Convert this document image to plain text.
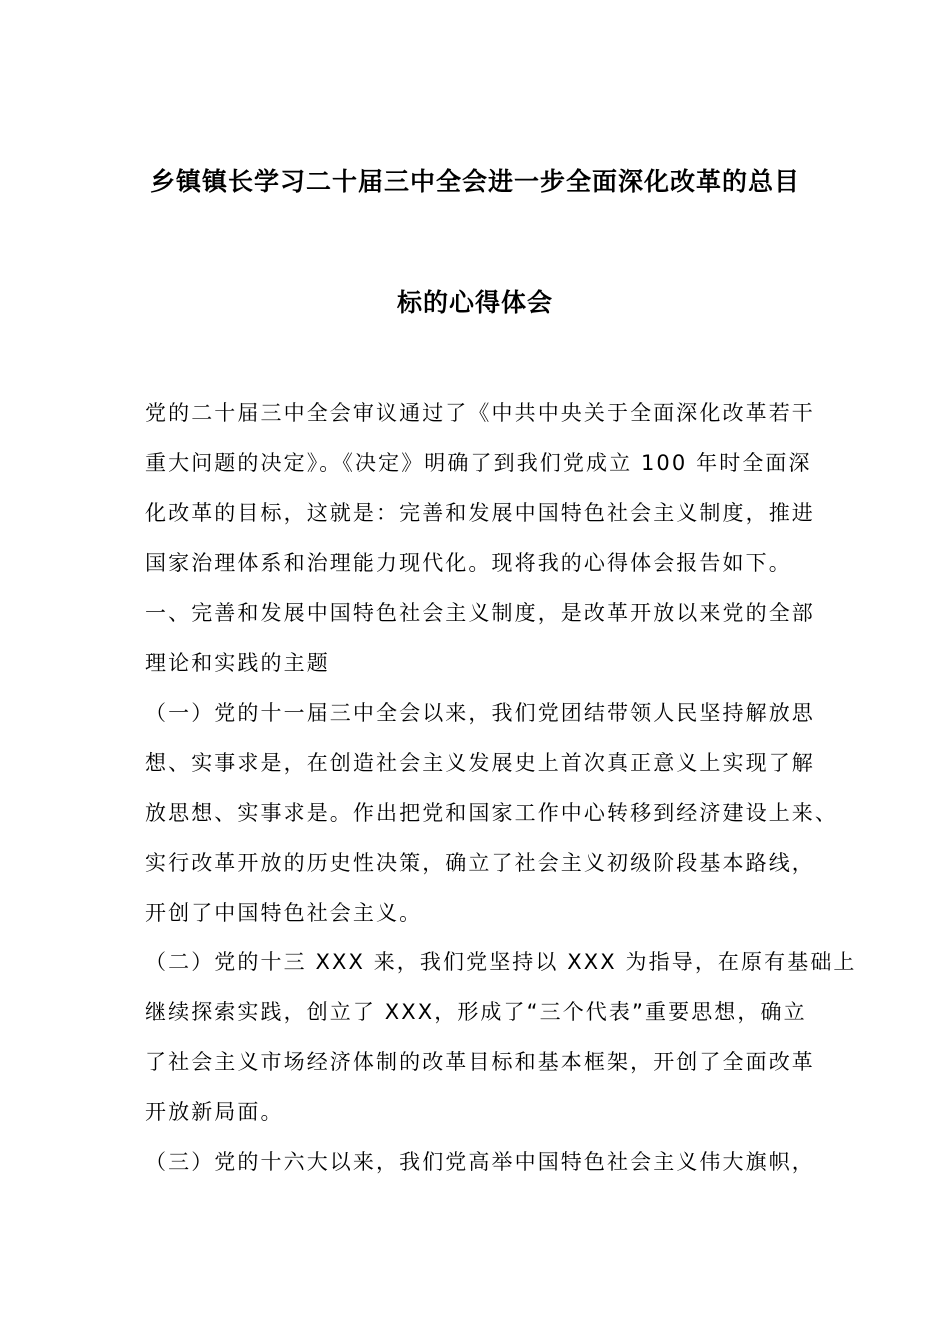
乡镇镇长学习二十届三中全会进一步全面深化改革的总目
标的心得体会
党的二十届三中全会审议通过了《中共中央关于全面深化改革若干
重大问题的决定》。《决定》明确了到我们党成立 100 年时全面深
化改革的目标，这就是：完善和发展中国特色社会主义制度，推进
国家治理体系和治理能力现代化。现将我的心得体会报告如下。
一、完善和发展中国特色社会主义制度，是改革开放以来党的全部
理论和实践的主题
（一）党的十一届三中全会以来，我们党团结带领人民坚持解放思
想、实事求是，在创造社会主义发展史上首次真正意义上实现了解
放思想、实事求是。作出把党和国家工作中心转移到经济建设上来、
实行改革开放的历史性决策，确立了社会主义初级阶段基本路线，
开创了中国特色社会主义。
（二）党的十三 XXX 来，我们党坚持以 XXX 为指导，在原有基础上
继续探索实践，创立了 XXX，形成了“三个代表”重要思想，确立
了社会主义市场经济体制的改革目标和基本框架，开创了全面改革
开放新局面。
（三）党的十六大以来，我们党高举中国特色社会主义伟大旗帜，
